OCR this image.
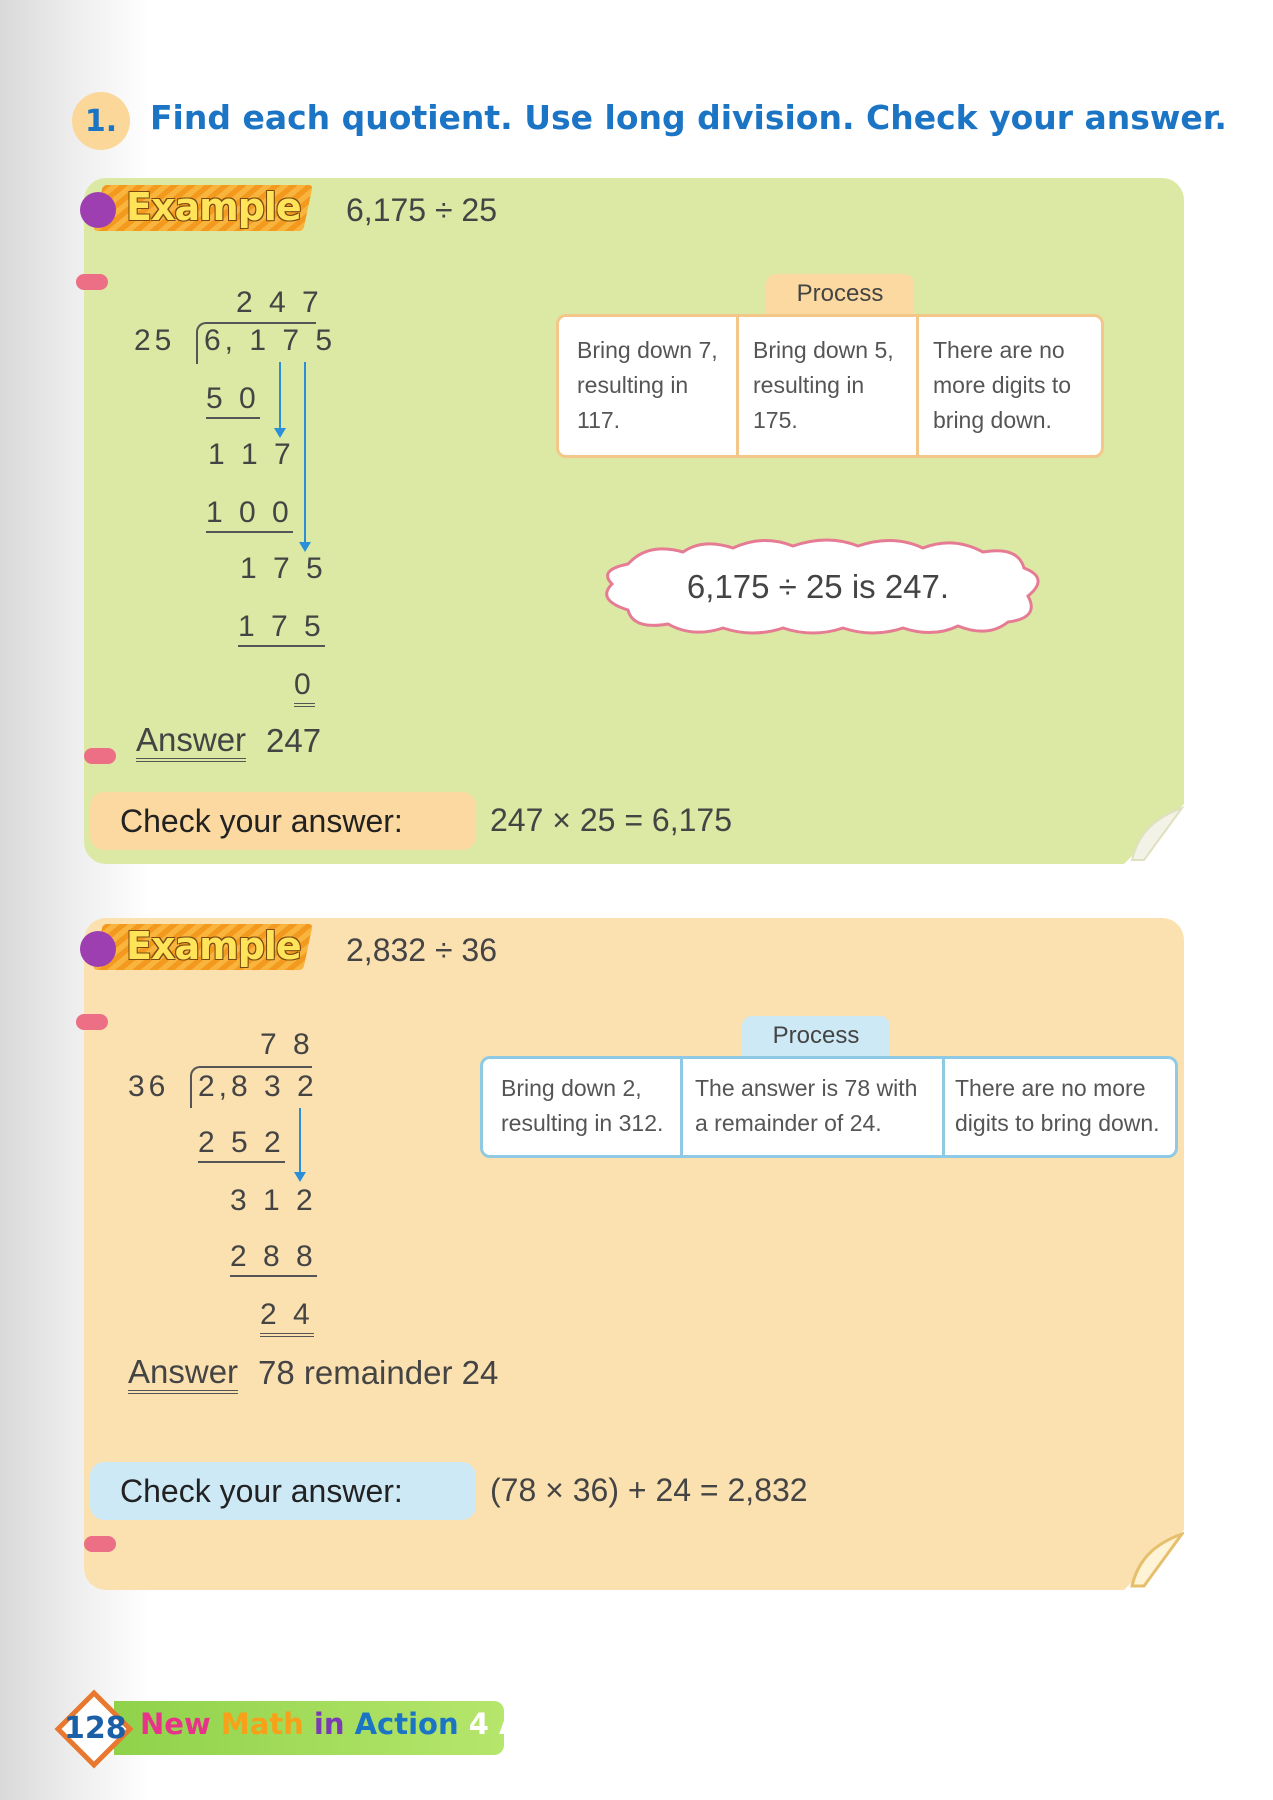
1. Find each quotient. Use long division. Check your answer.
Example 6,175 ÷ 25
2 4 7
25 6, 1 7 5
5 0
1 1 7
1 0 0
1 7 5
1 7 5
0
Answer 247
Process
Bring down 7,
resulting in
117.
Bring down 5,
resulting in
175.
There are no
more digits to
bring down.
6,175 ÷ 25 is 247.
Check your answer:	247 × 25 = 6,175
Example 2,832 ÷ 36
7 8
36 2,8 3 2
2 5 2
3 1 2
2 8 8
2 4
Answer 78 remainder 24
Process
Bring down 2,
resulting in 312.
The answer is 78 with
a remainder of 24.
There are no more
digits to bring down.
Check your answer:	(78 × 36) + 24 = 2,832
128 New Math in Action 4 A
